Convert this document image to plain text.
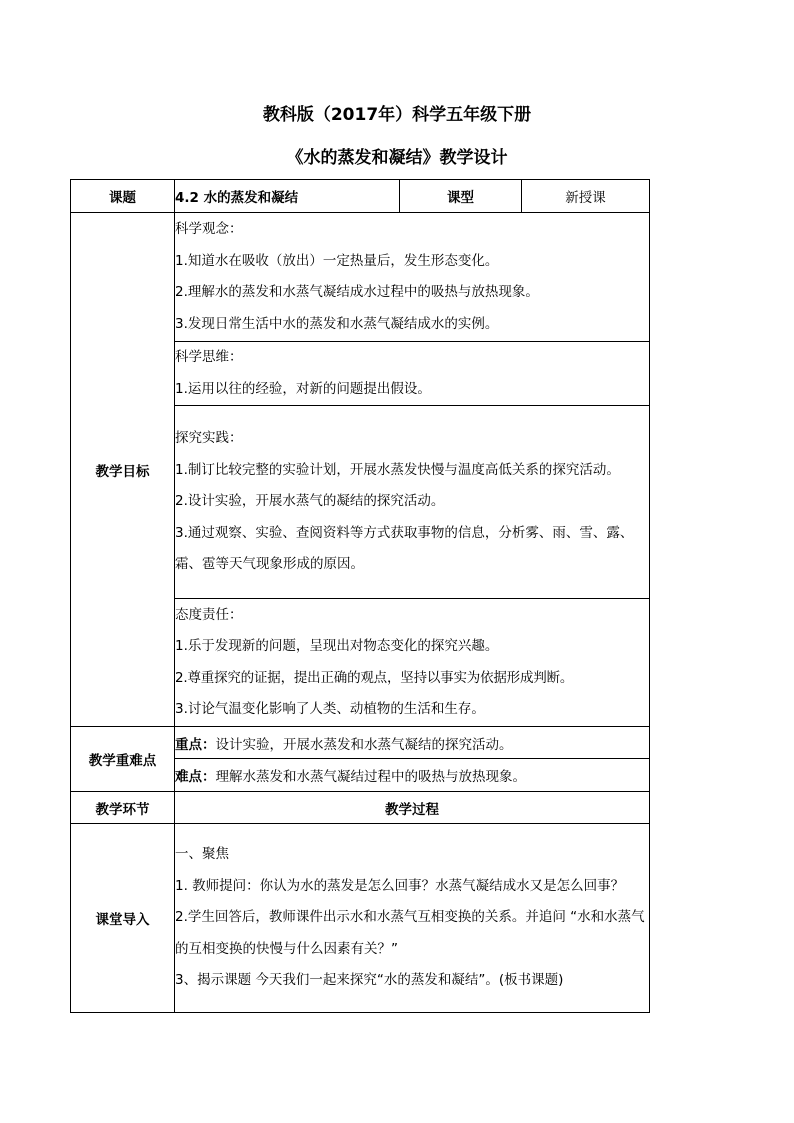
教科版（2017年）科学五年级下册
《水的蒸发和凝结》教学设计
课题	4.2 水的蒸发和凝结	课型	新授课
教学目标	科学观念：

1.知道水在吸收（放出）一定热量后，发生形态变化。

2.理解水的蒸发和水蒸气凝结成水过程中的吸热与放热现象。

3.发现日常生活中水的蒸发和水蒸气凝结成水的实例。		

	科学思维：

1.运用以往的经验，对新的问题提出假设。		

	探究实践：

1.制订比较完整的实验计划，开展水蒸发快慢与温度高低关系的探究活动。

2.设计实验，开展水蒸气的凝结的探究活动。

3.通过观察、实验、查阅资料等方式获取事物的信息，分析雾、雨、雪、露、霜、雹等天气现象形成的原因。		

	态度责任：

1.乐于发现新的问题，呈现出对物态变化的探究兴趣。

2.尊重探究的证据，提出正确的观点，坚持以事实为依据形成判断。

3.讨论气温变化影响了人类、动植物的生活和生存。		

教学重难点	重点：设计实验，开展水蒸发和水蒸气凝结的探究活动。		
	难点：理解水蒸发和水蒸气凝结过程中的吸热与放热现象。		
教学环节	教学过程		
课堂导入	一、聚焦

1. 教师提问：你认为水的蒸发是怎么回事？水蒸气凝结成水又是怎么回事？

2.学生回答后，教师课件出示水和水蒸气互相变换的关系。并追问 “水和水蒸气的互相变换的快慢与什么因素有关？”

3、揭示课题 今天我们一起来探究“水的蒸发和凝结”。(板书课题)		
